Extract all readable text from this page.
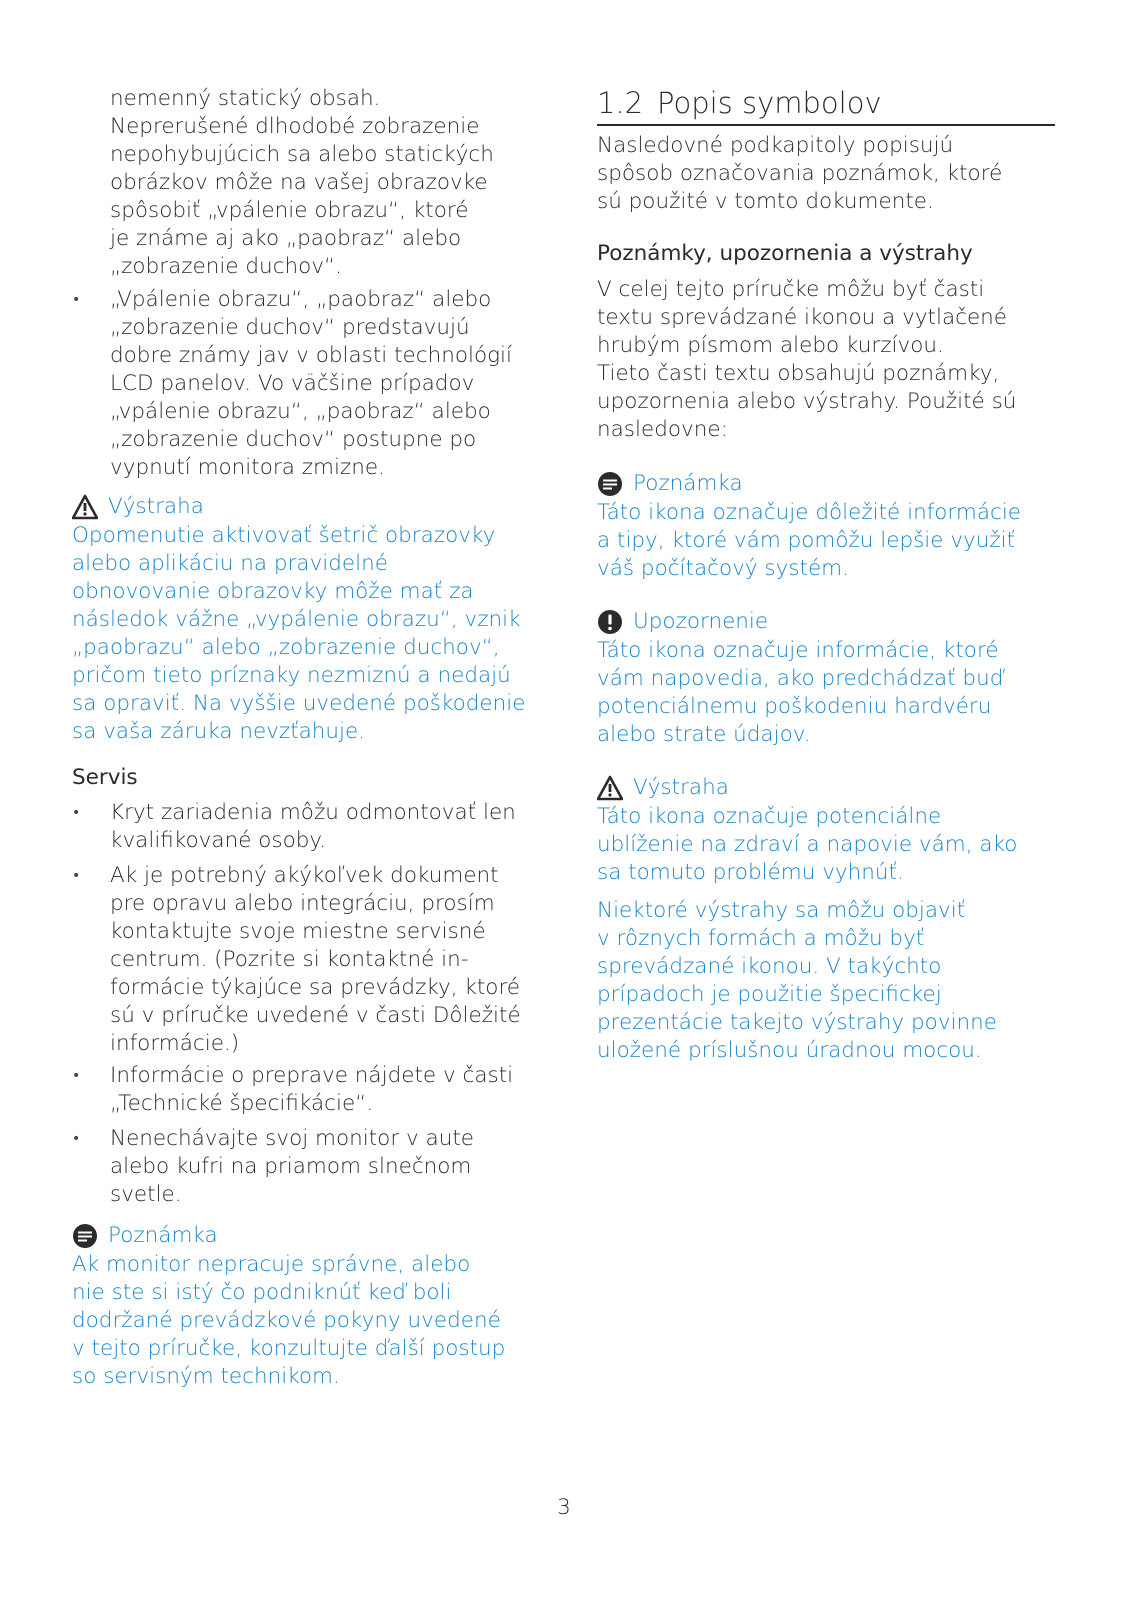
nemenný statický obsah.
Neprerušené dlhodobé zobrazenie
nepohybujúcich sa alebo statických
obrázkov môže na vašej obrazovke
spôsobiť „vpálenie obrazu“, ktoré
je známe aj ako „paobraz“ alebo
„zobrazenie duchov“.

• „Vpálenie obrazu“, „paobraz“ alebo
„zobrazenie duchov“ predstavujú
dobre známy jav v oblasti technológií
LCD panelov. Vo väčšine prípadov
„vpálenie obrazu“, „paobraz“ alebo
„zobrazenie duchov“ postupne po
vypnutí monitora zmizne.

Výstraha

Opomenutie aktivovať šetrič obrazovky
alebo aplikáciu na pravidelné
obnovovanie obrazovky môže mať za
následok vážne „vypálenie obrazu“, vznik
„paobrazu“ alebo „zobrazenie duchov“,
pričom tieto príznaky nezmiznú a nedajú
sa opraviť. Na vyššie uvedené poškodenie
sa vaša záruka nevzťahuje.

Servis

• Kryt zariadenia môžu odmontovať len
kvalifikované osoby.

• Ak je potrebný akýkoľvek dokument
pre opravu alebo integráciu, prosím
kontaktujte svoje miestne servisné
centrum. (Pozrite si kontaktné in-
formácie týkajúce sa prevádzky, ktoré
sú v príručke uvedené v časti Dôležité
informácie.)

• Informácie o preprave nájdete v časti
„Technické špecifikácie“.

• Nenechávajte svoj monitor v aute
alebo kufri na priamom slnečnom
svetle.

Poznámka

Ak monitor nepracuje správne, alebo
nie ste si istý čo podniknúť keď boli
dodržané prevádzkové pokyny uvedené
v tejto príručke, konzultujte ďalší postup
so servisným technikom.

1.2 Popis symbolov

Nasledovné podkapitoly popisujú
spôsob označovania poznámok, ktoré
sú použité v tomto dokumente.

Poznámky, upozornenia a výstrahy

V celej tejto príručke môžu byť časti
textu sprevádzané ikonou a vytlačené
hrubým písmom alebo kurzívou.
Tieto časti textu obsahujú poznámky,
upozornenia alebo výstrahy. Použité sú
nasledovne:

Poznámka

Táto ikona označuje dôležité informácie
a tipy, ktoré vám pomôžu lepšie využiť
váš počítačový systém.

Upozornenie

Táto ikona označuje informácie, ktoré
vám napovedia, ako predchádzať buď
potenciálnemu poškodeniu hardvéru
alebo strate údajov.

Výstraha

Táto ikona označuje potenciálne
ublíženie na zdraví a napovie vám, ako
sa tomuto problému vyhnúť.

Niektoré výstrahy sa môžu objaviť
v rôznych formách a môžu byť
sprevádzané ikonou. V takýchto
prípadoch je použitie špecifickej
prezentácie takejto výstrahy povinne
uložené príslušnou úradnou mocou.

3
